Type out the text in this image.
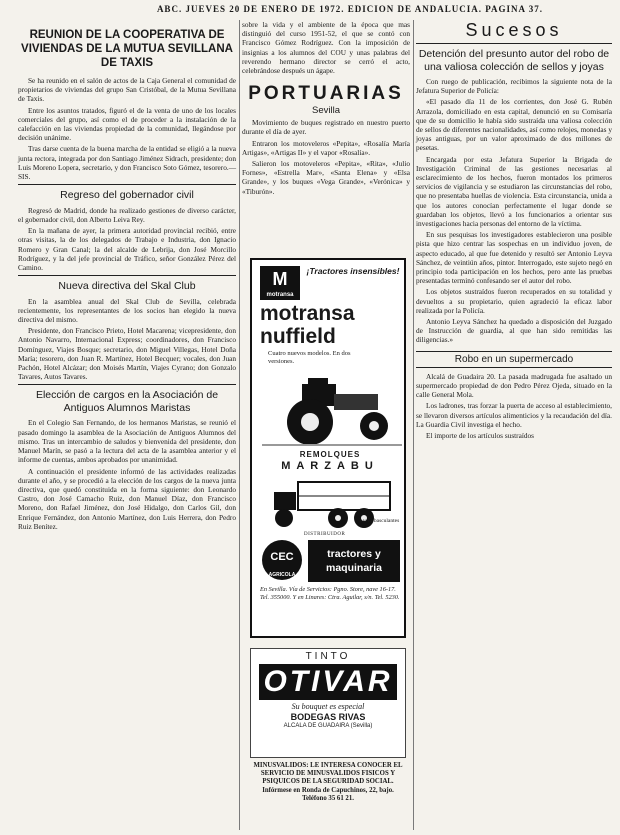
ABC. JUEVES 20 DE ENERO DE 1972. EDICION DE ANDALUCIA. PAGINA 37.
REUNION DE LA COOPERATIVA DE VIVIENDAS DE LA MUTUA SEVILLANA DE TAXIS
Se ha reunido en el salón de actos de la Caja General el comunidad de propietarios de viviendas del grupo San Cristóbal, de la Mutua Sevillana de Taxis.
Entre los asuntos tratados, figuró el de la venta de uno de los locales comerciales del grupo, así como el de proceder a la instalación de la calefacción en las viviendas propiedad de la comunidad, llegándose por decisión unánime.
Tras darse cuenta de la buena marcha de la entidad se eligió a la nueva junta rectora, integrada por don Santiago Jiménez Sidrach, presidente; don Luis Moreno Lopera, secretario, y don Francisco Soto Gómez, tesorero.—SIS.
Regreso del gobernador civil
Regresó de Madrid, donde ha realizado gestiones de diverso carácter, el gobernador civil, don Alberto Leiva Rey.
En la mañana de ayer, la primera autoridad provincial recibió, entre otras visitas, la de los delegados de Trabajo e Industria, don Ignacio Romero y Gran Canal; la del alcalde de Lebrija, don José Morcillo Rodríguez, y la del jefe provincial de Tráfico, señor González Pérez del Camino.
Nueva directiva del Skal Club
En la asamblea anual del Skal Club de Sevilla, celebrada recientemente, los representantes de los socios han elegido la nueva directiva del mismo.
Presidente, don Francisco Prieto, Hotel Macarena; vicepresidente, don Antonio Navarro, Internacional Express; coordinadores, don Francisco Domínguez, Viajes Bosque; secretario, don Miguel Villegas, Hotel Doña María; tesorero, don Juan R. Martínez, Hotel Becquer; vocales, don Juan Pachón, Hotel Alcázar; don Moisés Martín, Viajes Cyrano; don Gonzalo Tavares, Autos Tavares.
Elección de cargos en la Asociación de Antiguos Alumnos Maristas
En el Colegio San Fernando, de los hermanos Maristas, se reunió el pasado domingo la asamblea de la Asociación de Antiguos Alumnos del mismo. Tras un intercambio de saludos y bienvenida del presidente, don Manuel Marín, se pasó a la lectura del acta de la asamblea anterior y el informe de cuentas, ambos aprobados por unanimidad.
A continuación el presidente informó de las actividades realizadas durante el año, y se procedió a la elección de los cargos de la nueva junta directiva, que quedó constituida en la forma siguiente: don Leonardo Castro, don José Camacho Ruiz, don Manuel Díaz, don Francisco Moreno, don Rafael Jiménez, don José Hidalgo, don Carlos Gil, don Enrique Fernández, don Antonio Martínez, don Luis Herrera, don Pedro Ruiz Benítez.
sobre la vida y el ambiente de la época que mas distinguió del curso 1951-52, el que se contó con Francisco Gómez Rodríguez. Con la imposición de insignias a los alumnos del COU y unas palabras del reverendo hermano director se cerró el acto, celebrándose después un ágape.
PORTUARIAS
Sevilla
Movimiento de buques registrado en nuestro puerto durante el día de ayer.
Entraron los motoveleros «Pepita», «Rosalía María Artigas», «Artigas II» y el vapor «Rosalía».
Salieron los motoveleros «Pepita», «Rita», «Julio Fornes», «Estrella Mar», «Santa Elena» y «Elsa Grande», y los buques «Vega Grande», «Verónica» y «Tiburón».
M
motransa
¡Tractores insensibles!
motransa
nuffield
Cuatro nuevos modelos. En dos versiones.
REMOLQUES
MARZABU
3 y 12 basculantes
DISTRIBUIDOR
CEC
AGRICOLA
tractores y
maquinaria
En Sevilla. Vía de Servicios: Pgno. Store, nave 16-17. Tel. 355000. Y en Linares: Ctra. Aguilar, s/n. Tel. 5230.
TINTO
OTIVAR
Su bouquet es especial
BODEGAS RIVAS
ALCALA DE GUADAIRA (Sevilla)
MINUSVALIDOS: LE INTERESA CONOCER EL SERVICIO DE MINUSVALIDOS FISICOS Y PSIQUICOS DE LA SEGURIDAD SOCIAL. Infórmese en Ronda de Capuchinos, 22, bajo. Teléfono 35 61 21.
Sucesos
Detención del presunto autor del robo de una valiosa colección de sellos y joyas
Con ruego de publicación, recibimos la siguiente nota de la Jefatura Superior de Policía:
«El pasado día 11 de los corrientes, don José G. Rubén Arrazola, domiciliado en esta capital, denunció en su Comisaría que de su domicilio le había sido sustraída una valiosa colección de sellos de diferentes nacionalidades, así como relojes, monedas y joyas antiguas, por un valor aproximado de dos millones de pesetas.
Encargada por esta Jefatura Superior la Brigada de Investigación Criminal de las gestiones necesarias al esclarecimiento de los hechos, fueron montados los primeros servicios de vigilancia y se estudiaron las circunstancias del robo, que no presentaba huellas de violencia. Esta circunstancia, unida a que los autores conocían perfectamente el lugar donde se guardaban los objetos, llevó a los funcionarios a orientar sus investigaciones hacia personas del entorno de la víctima.
En sus pesquisas los investigadores establecieron una posible pista que hizo centrar las sospechas en un individuo joven, de aspecto educado, al que fue detenido y resultó ser Antonio Leyva Sánchez, de veintiún años, pintor. Interrogado, este sujeto negó en principio toda participación en los hechos, pero ante las pruebas presentadas terminó confesando ser el autor del robo.
Los objetos sustraídos fueron recuperados en su totalidad y devueltos a su propietario, quien agradeció la eficaz labor realizada por la Policía.
Antonio Leyva Sánchez ha quedado a disposición del Juzgado de Instrucción de guardia, al que han sido remitidas las diligencias.»
Robo en un supermercado
Alcalá de Guadaira 20. La pasada madrugada fue asaltado un supermercado propiedad de don Pedro Pérez Ojeda, situado en la calle General Mola.
Los ladrones, tras forzar la puerta de acceso al establecimiento, se llevaron diversos artículos alimenticios y la recaudación del día. La Guardia Civil investiga el hecho.
El importe de los artículos sustraídos
